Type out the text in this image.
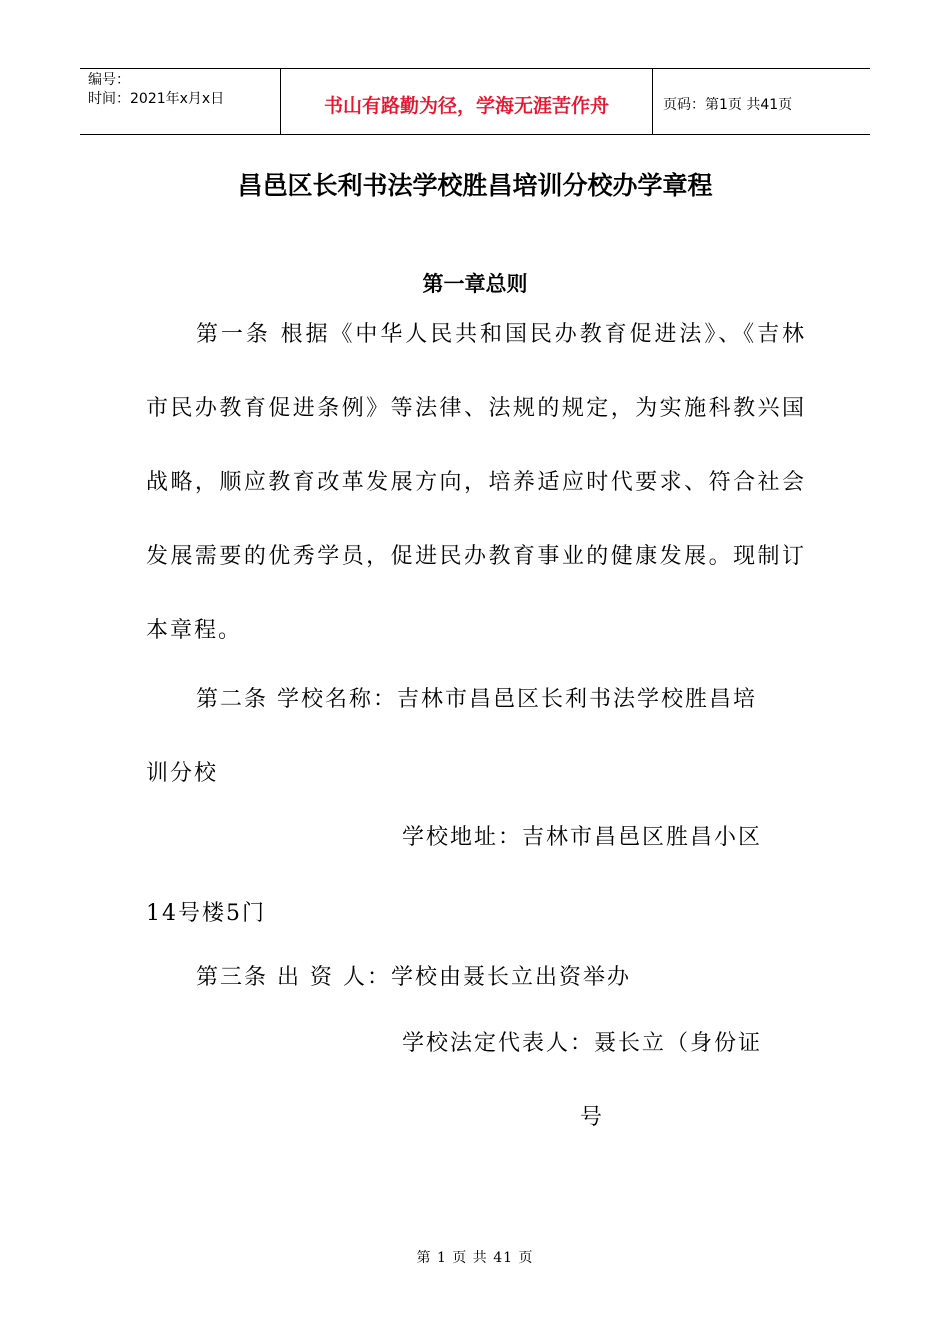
编号：
时间：2021年x月x日	书山有路勤为径，学海无涯苦作舟	页码：第1页 共41页
昌邑区长利书法学校胜昌培训分校办学章程
第一章总则
第一条 根据《中华人民共和国民办教育促进法》、《吉林市民办教育促进条例》等法律、法规的规定，为实施科教兴国战略，顺应教育改革发展方向，培养适应时代要求、符合社会发展需要的优秀学员，促进民办教育事业的健康发展。现制订本章程。
第二条 学校名称：吉林市昌邑区长利书法学校胜昌培
训分校
学校地址：吉林市昌邑区胜昌小区
14号楼5门
第三条 出 资 人：学校由聂长立出资举办
学校法定代表人：聂长立（身份证
号
第 1 页 共 41 页
